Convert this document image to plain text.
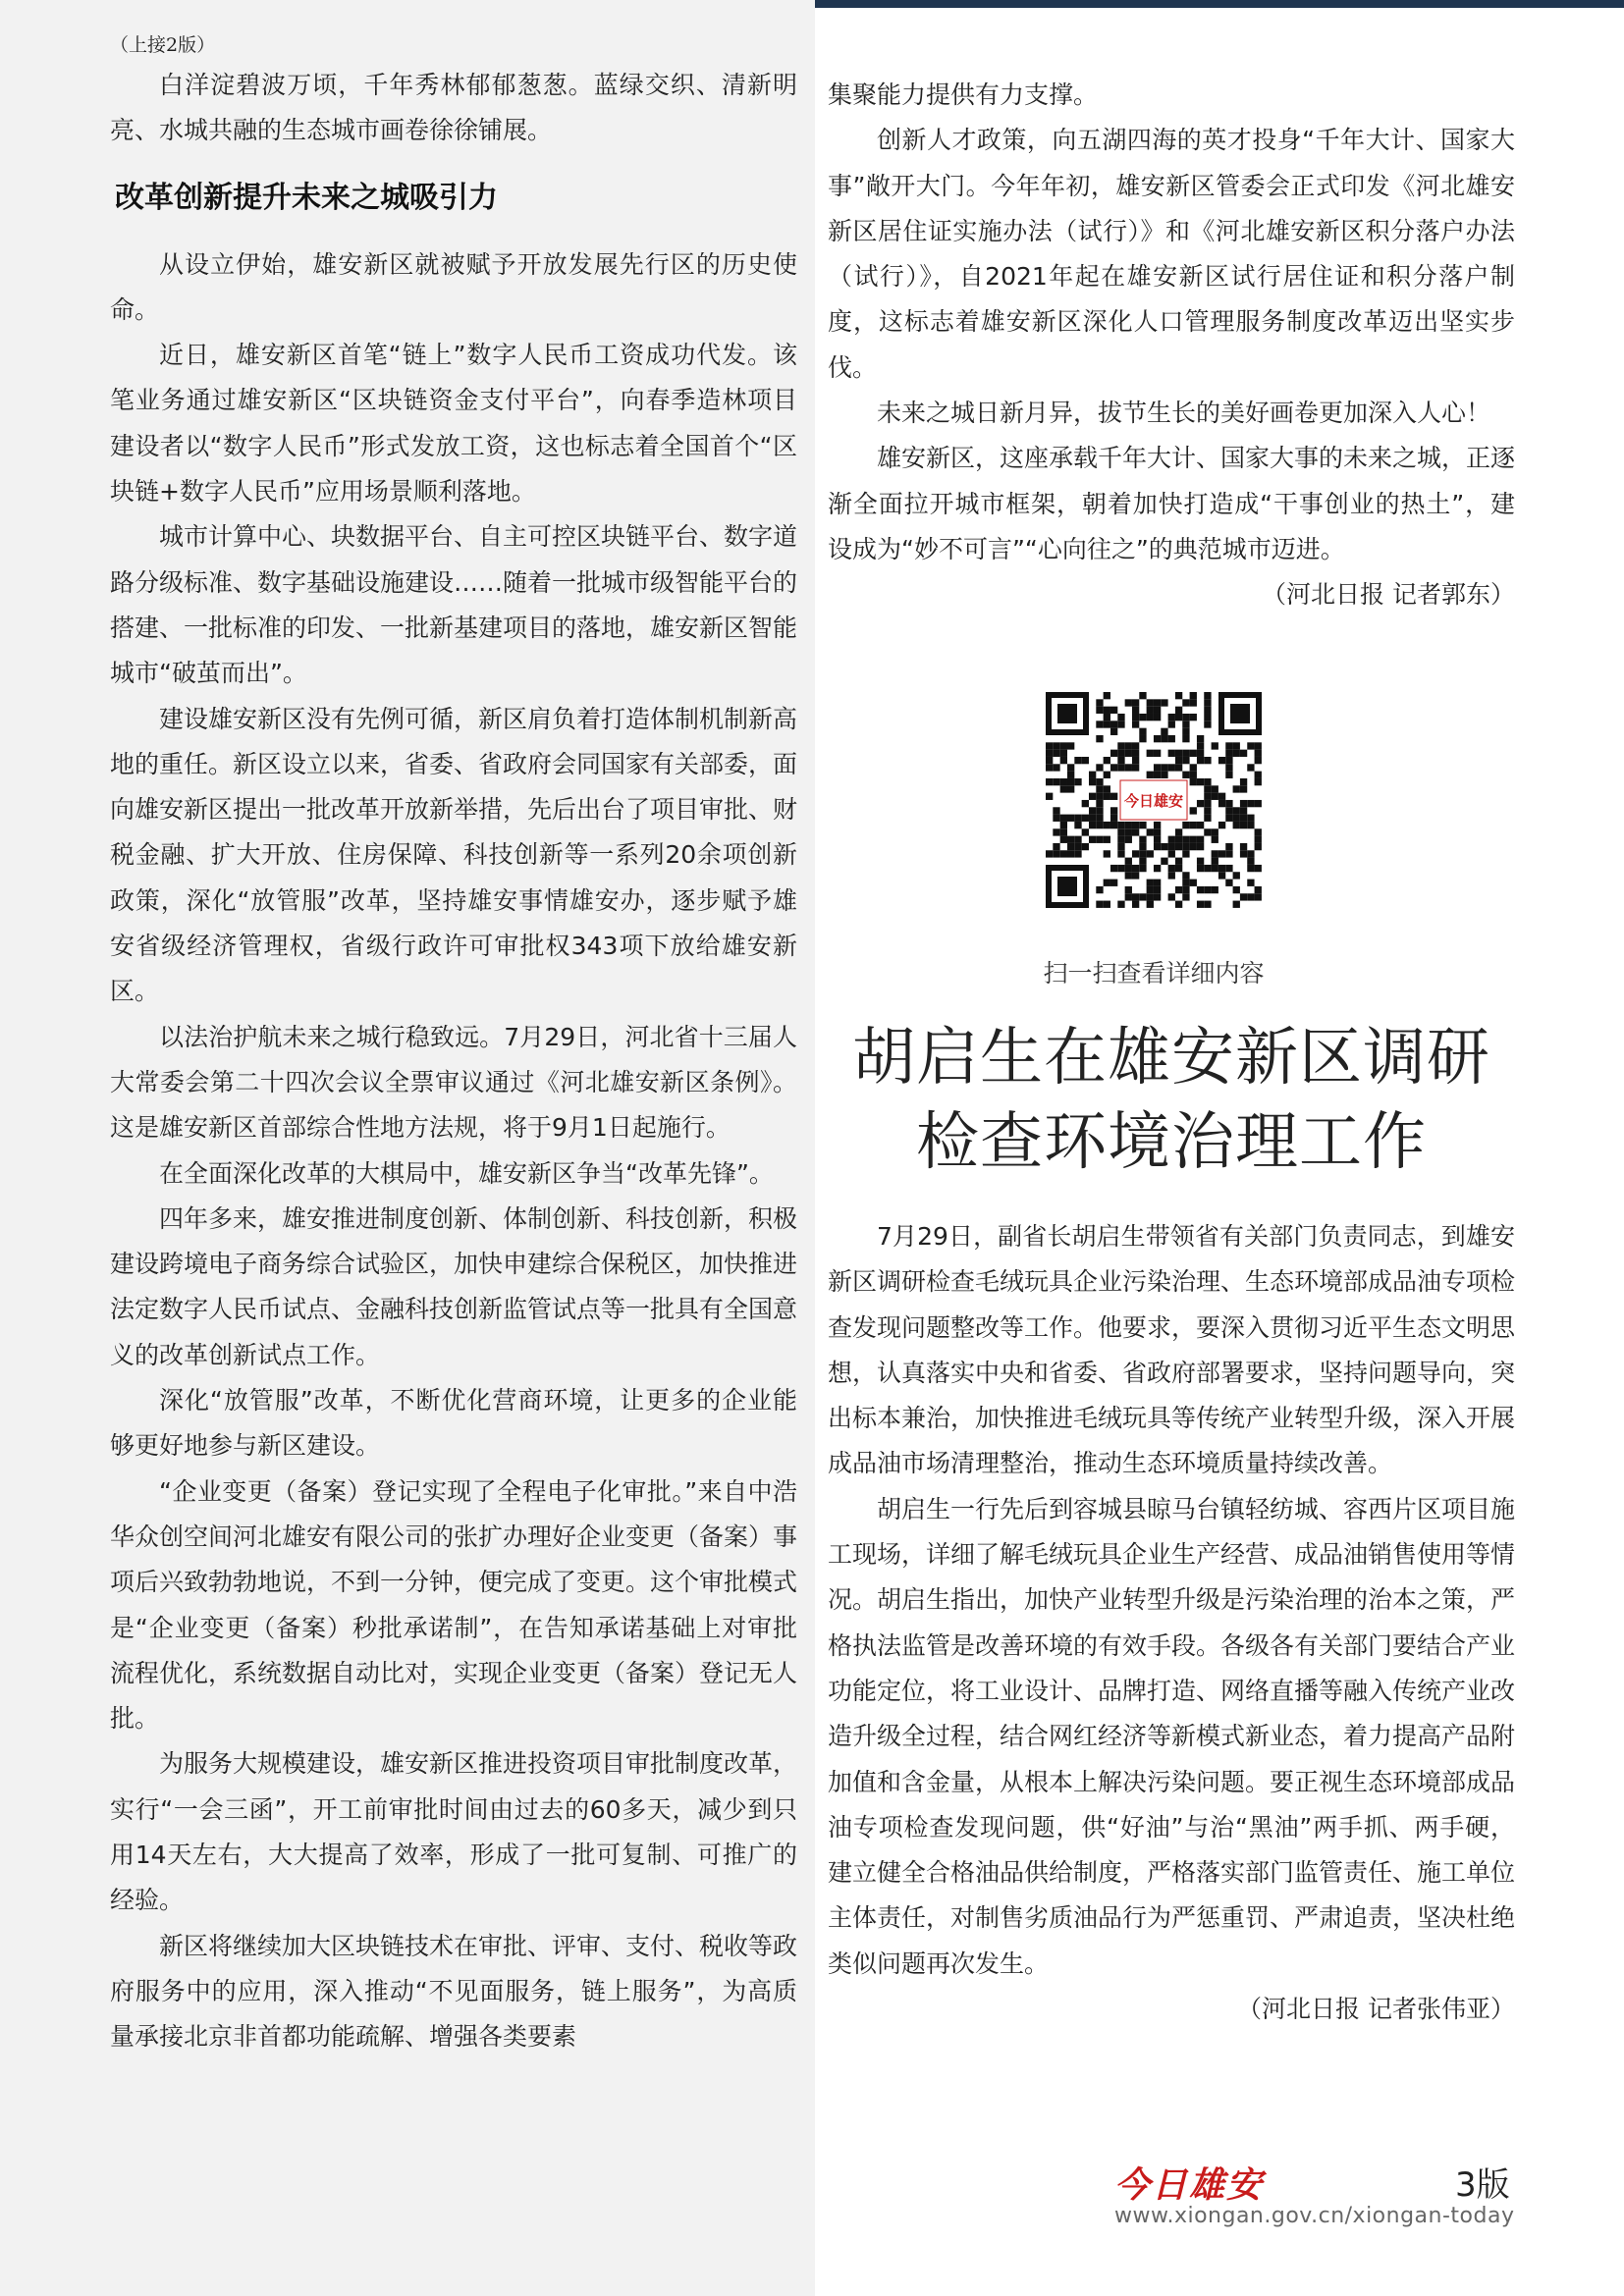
（上接2版）

白洋淀碧波万顷，千年秀林郁郁葱葱。蓝绿交织、清新明亮、水城共融的生态城市画卷徐徐铺展。

改革创新提升未来之城吸引力

从设立伊始，雄安新区就被赋予开放发展先行区的历史使命。

近日，雄安新区首笔“链上”数字人民币工资成功代发。该笔业务通过雄安新区“区块链资金支付平台”，向春季造林项目建设者以“数字人民币”形式发放工资，这也标志着全国首个“区块链+数字人民币”应用场景顺利落地。

城市计算中心、块数据平台、自主可控区块链平台、数字道路分级标准、数字基础设施建设……随着一批城市级智能平台的搭建、一批标准的印发、一批新基建项目的落地，雄安新区智能城市“破茧而出”。

建设雄安新区没有先例可循，新区肩负着打造体制机制新高地的重任。新区设立以来，省委、省政府会同国家有关部委，面向雄安新区提出一批改革开放新举措，先后出台了项目审批、财税金融、扩大开放、住房保障、科技创新等一系列20余项创新政策，深化“放管服”改革，坚持雄安事情雄安办，逐步赋予雄安省级经济管理权，省级行政许可审批权343项下放给雄安新区。

以法治护航未来之城行稳致远。7月29日，河北省十三届人大常委会第二十四次会议全票审议通过《河北雄安新区条例》。这是雄安新区首部综合性地方法规，将于9月1日起施行。

在全面深化改革的大棋局中，雄安新区争当“改革先锋”。

四年多来，雄安推进制度创新、体制创新、科技创新，积极建设跨境电子商务综合试验区，加快申建综合保税区，加快推进法定数字人民币试点、金融科技创新监管试点等一批具有全国意义的改革创新试点工作。

深化“放管服”改革，不断优化营商环境，让更多的企业能够更好地参与新区建设。

“企业变更（备案）登记实现了全程电子化审批。”来自中浩华众创空间河北雄安有限公司的张扩办理好企业变更（备案）事项后兴致勃勃地说，不到一分钟，便完成了变更。这个审批模式是“企业变更（备案）秒批承诺制”，在告知承诺基础上对审批流程优化，系统数据自动比对，实现企业变更（备案）登记无人批。

为服务大规模建设，雄安新区推进投资项目审批制度改革，实行“一会三函”，开工前审批时间由过去的60多天，减少到只用14天左右，大大提高了效率，形成了一批可复制、可推广的经验。

新区将继续加大区块链技术在审批、评审、支付、税收等政府服务中的应用，深入推动“不见面服务，链上服务”，为高质量承接北京非首都功能疏解、增强各类要素

集聚能力提供有力支撑。

创新人才政策，向五湖四海的英才投身“千年大计、国家大事”敞开大门。今年年初，雄安新区管委会正式印发《河北雄安新区居住证实施办法（试行）》和《河北雄安新区积分落户办法（试行）》，自2021年起在雄安新区试行居住证和积分落户制度，这标志着雄安新区深化人口管理服务制度改革迈出坚实步伐。

未来之城日新月异，拔节生长的美好画卷更加深入人心！

雄安新区，这座承载千年大计、国家大事的未来之城，正逐渐全面拉开城市框架，朝着加快打造成“干事创业的热土”，建设成为“妙不可言”“心向往之”的典范城市迈进。

（河北日报 记者郭东）

今日雄安
扫一扫查看详细内容
胡启生在雄安新区调研
检查环境治理工作

7月29日，副省长胡启生带领省有关部门负责同志，到雄安新区调研检查毛绒玩具企业污染治理、生态环境部成品油专项检查发现问题整改等工作。他要求，要深入贯彻习近平生态文明思想，认真落实中央和省委、省政府部署要求，坚持问题导向，突出标本兼治，加快推进毛绒玩具等传统产业转型升级，深入开展成品油市场清理整治，推动生态环境质量持续改善。

胡启生一行先后到容城县晾马台镇轻纺城、容西片区项目施工现场，详细了解毛绒玩具企业生产经营、成品油销售使用等情况。胡启生指出，加快产业转型升级是污染治理的治本之策，严格执法监管是改善环境的有效手段。各级各有关部门要结合产业功能定位，将工业设计、品牌打造、网络直播等融入传统产业改造升级全过程，结合网红经济等新模式新业态，着力提高产品附加值和含金量，从根本上解决污染问题。要正视生态环境部成品油专项检查发现问题，供“好油”与治“黑油”两手抓、两手硬，建立健全合格油品供给制度，严格落实部门监管责任、施工单位主体责任，对制售劣质油品行为严惩重罚、严肃追责，坚决杜绝类似问题再次发生。

（河北日报 记者张伟亚）

今日雄安	3版
www.xiongan.gov.cn/xiongan-today
